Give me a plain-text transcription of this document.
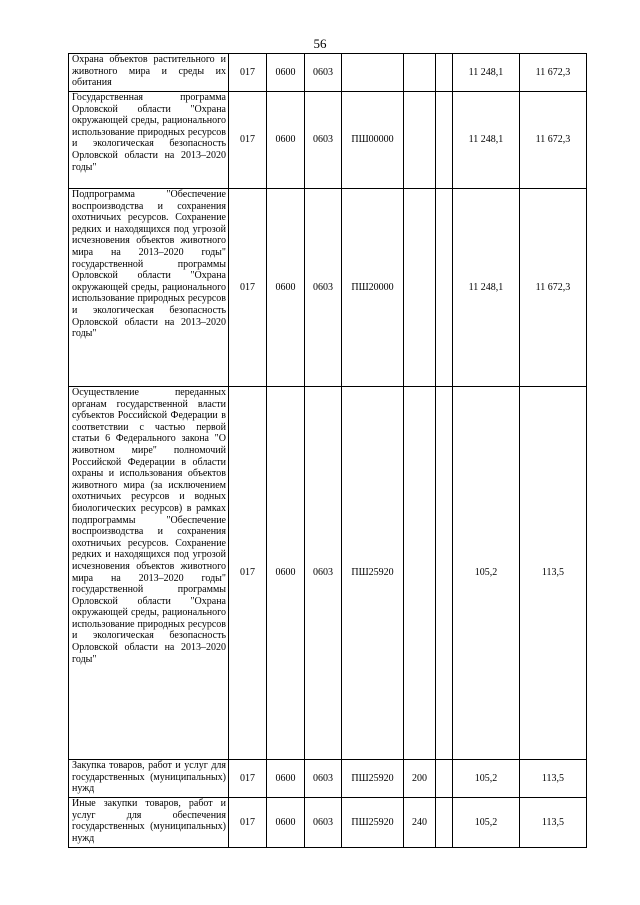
56
Охрана объектов растительного и животного мира и среды их обитания	017	0600	0603				11 248,1	11 672,3
Государственная программа Орловской области "Охрана окружающей среды, рационального использование природных ресурсов и экологическая безопасность Орловской области на 2013–2020 годы"	017	0600	0603	ПШ00000			11 248,1	11 672,3
Подпрограмма "Обеспечение воспроизводства и сохранения охотничьих ресурсов. Сохранение редких и находящихся под угрозой исчезновения объектов животного мира на 2013–2020 годы" государственной программы Орловской области "Охрана окружающей среды, рационального использование природных ресурсов и экологическая безопасность Орловской области на 2013–2020 годы"	017	0600	0603	ПШ20000			11 248,1	11 672,3
Осуществление переданных органам государственной власти субъектов Российской Федерации в соответствии с частью первой статьи 6 Федерального закона "О животном мире" полномочий Российской Федерации в области охраны и использования объектов животного мира (за исключением охотничьих ресурсов и водных биологических ресурсов) в рамках подпрограммы "Обеспечение воспроизводства и сохранения охотничьих ресурсов. Сохранение редких и находящихся под угрозой исчезновения объектов животного мира на 2013–2020 годы" государственной программы Орловской области "Охрана окружающей среды, рационального использование природных ресурсов и экологическая безопасность Орловской области на 2013–2020 годы"	017	0600	0603	ПШ25920			105,2	113,5
Закупка товаров, работ и услуг для государственных (муниципальных) нужд	017	0600	0603	ПШ25920	200		105,2	113,5
Иные закупки товаров, работ и услуг для обеспечения государственных (муниципальных) нужд	017	0600	0603	ПШ25920	240		105,2	113,5
